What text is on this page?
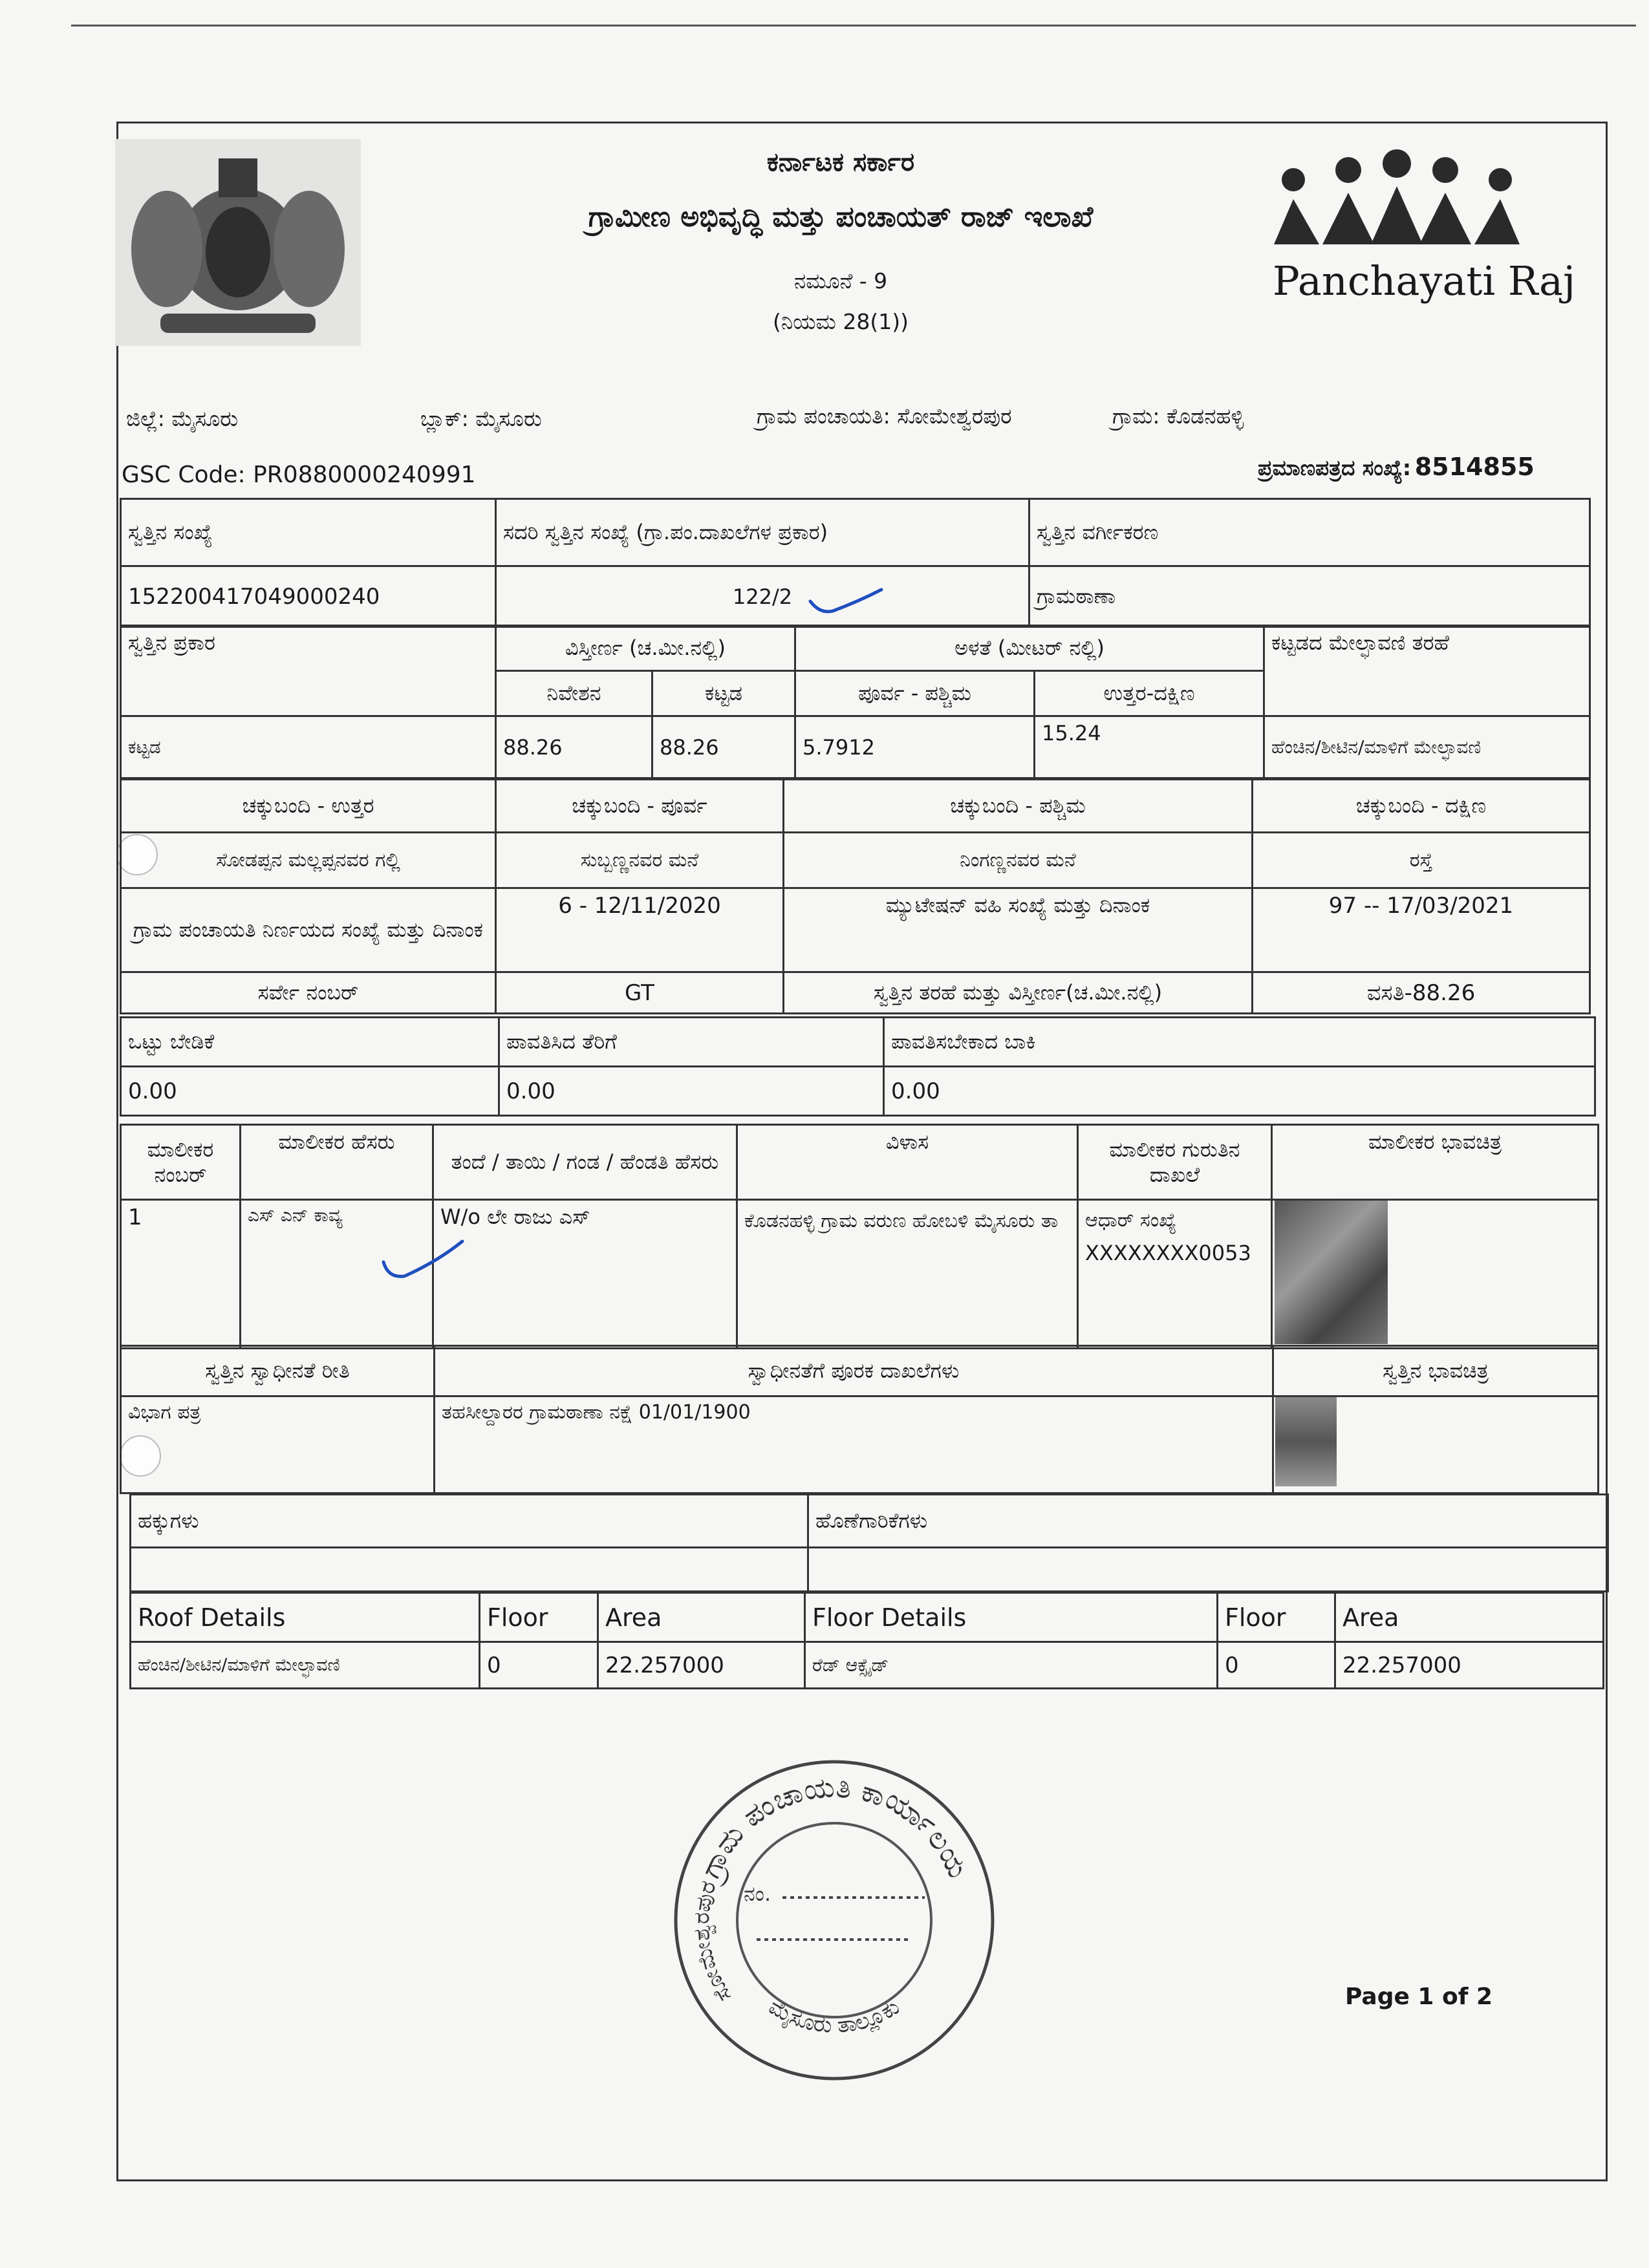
Panchayati Raj
ಕರ್ನಾಟಕ ಸರ್ಕಾರ
ಗ್ರಾಮೀಣ ಅಭಿವೃದ್ಧಿ ಮತ್ತು ಪಂಚಾಯತ್ ರಾಜ್ ಇಲಾಖೆ
ನಮೂನೆ - 9
(ನಿಯಮ 28(1))
ಜಿಲ್ಲೆ: ಮೈಸೂರು	ಬ್ಲಾಕ್: ಮೈಸೂರು	ಗ್ರಾಮ ಪಂಚಾಯತಿ: ಸೋಮೇಶ್ವರಪುರ	ಗ್ರಾಮ: ಕೊಡನಹಳ್ಳಿ
GSC Code: PR0880000240991	ಪ್ರಮಾಣಪತ್ರದ ಸಂಖ್ಯೆ: 8514855
ಸ್ವತ್ತಿನ ಸಂಖ್ಯೆ	ಸದರಿ ಸ್ವತ್ತಿನ ಸಂಖ್ಯೆ (ಗ್ರಾ.ಪಂ.ದಾಖಲೆಗಳ ಪ್ರಕಾರ)	ಸ್ವತ್ತಿನ ವರ್ಗೀಕರಣ
152200417049000240	122/2	ಗ್ರಾಮಠಾಣಾ
ಸ್ವತ್ತಿನ ಪ್ರಕಾರ	ವಿಸ್ತೀರ್ಣ (ಚ.ಮೀ.ನಲ್ಲಿ)		ಅಳತೆ (ಮೀಟರ್ ನಲ್ಲಿ)		ಕಟ್ಟಡದ ಮೇಲ್ಛಾವಣಿ ತರಹೆ
	ನಿವೇಶನ	ಕಟ್ಟಡ	ಪೂರ್ವ - ಪಶ್ಚಿಮ	ಉತ್ತರ-ದಕ್ಷಿಣ	
ಕಟ್ಟಡ	88.26	88.26	5.7912	15.24	ಹೆಂಚಿನ/ಶೀಟಿನ/ಮಾಳಿಗೆ ಮೇಲ್ಛಾವಣಿ
ಚಕ್ಕುಬಂದಿ - ಉತ್ತರ	ಚಕ್ಕುಬಂದಿ - ಪೂರ್ವ	ಚಕ್ಕುಬಂದಿ - ಪಶ್ಚಿಮ	ಚಕ್ಕುಬಂದಿ - ದಕ್ಷಿಣ
ಸೋಡಪ್ಪನ ಮಲ್ಲಪ್ಪನವರ ಗಲ್ಲಿ	ಸುಬ್ಬಣ್ಣನವರ ಮನೆ	ನಿಂಗಣ್ಣನವರ ಮನೆ	ರಸ್ತೆ
ಗ್ರಾಮ ಪಂಚಾಯತಿ ನಿರ್ಣಯದ ಸಂಖ್ಯೆ ಮತ್ತು ದಿನಾಂಕ	6 - 12/11/2020	ಮ್ಯುಟೇಷನ್ ವಹಿ ಸಂಖ್ಯೆ ಮತ್ತು ದಿನಾಂಕ	97 -- 17/03/2021
ಸರ್ವೇ ನಂಬರ್	GT	ಸ್ವತ್ತಿನ ತರಹೆ ಮತ್ತು ವಿಸ್ತೀರ್ಣ(ಚ.ಮೀ.ನಲ್ಲಿ)	ವಸತಿ-88.26
ಒಟ್ಟು ಬೇಡಿಕೆ	ಪಾವತಿಸಿದ ತೆರಿಗೆ	ಪಾವತಿಸಬೇಕಾದ ಬಾಕಿ
0.00	0.00	0.00
ಮಾಲೀಕರ ನಂಬರ್	ಮಾಲೀಕರ ಹೆಸರು	ತಂದೆ / ತಾಯಿ / ಗಂಡ / ಹೆಂಡತಿ ಹೆಸರು	ವಿಳಾಸ	ಮಾಲೀಕರ ಗುರುತಿನ ದಾಖಲೆ	ಮಾಲೀಕರ ಭಾವಚಿತ್ರ
1	ಎಸ್ ಎನ್ ಕಾವ್ಯ	W/o ಲೇ ರಾಜು ಎಸ್	ಕೊಡನಹಳ್ಳಿ ಗ್ರಾಮ ವರುಣ ಹೋಬಳಿ ಮೈಸೂರು ತಾ	ಆಧಾರ್ ಸಂಖ್ಯೆ
XXXXXXXX0053	

ಸ್ವತ್ತಿನ ಸ್ವಾಧೀನತೆ ರೀತಿ	ಸ್ವಾಧೀನತೆಗೆ ಪೂರಕ ದಾಖಲೆಗಳು	ಸ್ವತ್ತಿನ ಭಾವಚಿತ್ರ
ವಿಭಾಗ ಪತ್ರ	ತಹಸೀಲ್ದಾರರ ಗ್ರಾಮಠಾಣಾ ನಕ್ಷೆ 01/01/1900	
ಹಕ್ಕುಗಳು	ಹೊಣೆಗಾರಿಕೆಗಳು

Roof Details	Floor	Area	Floor Details	Floor	Area
ಹೆಂಚಿನ/ಶೀಟಿನ/ಮಾಳಿಗೆ ಮೇಲ್ಛಾವಣಿ	0	22.257000	ರೆಡ್ ಆಕ್ಸೈಡ್	0	22.257000
ಗ್ರಾಮ ಪಂಚಾಯತಿ ಕಾರ್ಯಾಲಯ
ಮೈಸೂರು ತಾಲ್ಲೂಕು
ಸೋಮೇಶ್ವರಪುರ	ನಂ.
Page 1 of 2
